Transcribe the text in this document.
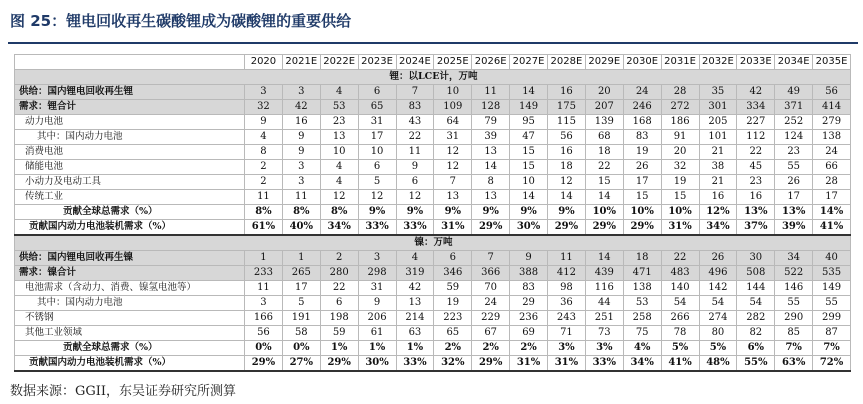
图 25：锂电回收再生碳酸锂成为碳酸锂的重要供给
	2020	2021E	2022E	2023E	2024E	2025E	2026E	2027E	2028E	2029E	2030E	2031E	2032E	2033E	2034E	2035E
锂：以LCE计，万吨																
供给：国内锂电回收再生锂	3	3	4	6	7	10	11	14	16	20	24	28	35	42	49	56
需求：锂合计	32	42	53	65	83	109	128	149	175	207	246	272	301	334	371	414
动力电池	9	16	23	31	43	64	79	95	115	139	168	186	205	227	252	279
其中：国内动力电池	4	9	13	17	22	31	39	47	56	68	83	91	101	112	124	138
消费电池	8	9	10	10	11	12	13	15	16	18	19	20	21	22	23	24
储能电池	2	3	4	6	9	12	14	15	18	22	26	32	38	45	55	66
小动力及电动工具	2	3	4	5	6	7	8	10	12	15	17	19	21	23	26	28
传统工业	11	11	12	12	12	13	13	14	14	14	15	15	16	16	17	17
贡献全球总需求（%）	8%	8%	8%	9%	9%	9%	9%	9%	9%	10%	10%	10%	12%	13%	13%	14%
贡献国内动力电池装机需求（%）	61%	40%	34%	33%	33%	31%	29%	30%	29%	29%	29%	31%	34%	37%	39%	41%
镍：万吨																
供给：国内锂电回收再生镍	1	1	2	3	4	6	7	9	11	14	18	22	26	30	34	40
需求：镍合计	233	265	280	298	319	346	366	388	412	439	471	483	496	508	522	535
电池需求（含动力、消费、镍氢电池等）	11	17	22	31	42	59	70	83	98	116	138	140	142	144	146	149
其中：国内动力电池	3	5	6	9	13	19	24	29	36	44	53	54	54	54	55	55
不锈钢	166	191	198	206	214	223	229	236	243	251	258	266	274	282	290	299
其他工业领域	56	58	59	61	63	65	67	69	71	73	75	78	80	82	85	87
贡献全球总需求（%）	0%	0%	1%	1%	1%	2%	2%	2%	3%	3%	4%	5%	5%	6%	7%	7%
贡献国内动力电池装机需求（%）	29%	27%	29%	30%	33%	32%	29%	31%	31%	33%	34%	41%	48%	55%	63%	72%
数据来源：GGII，东吴证券研究所测算
